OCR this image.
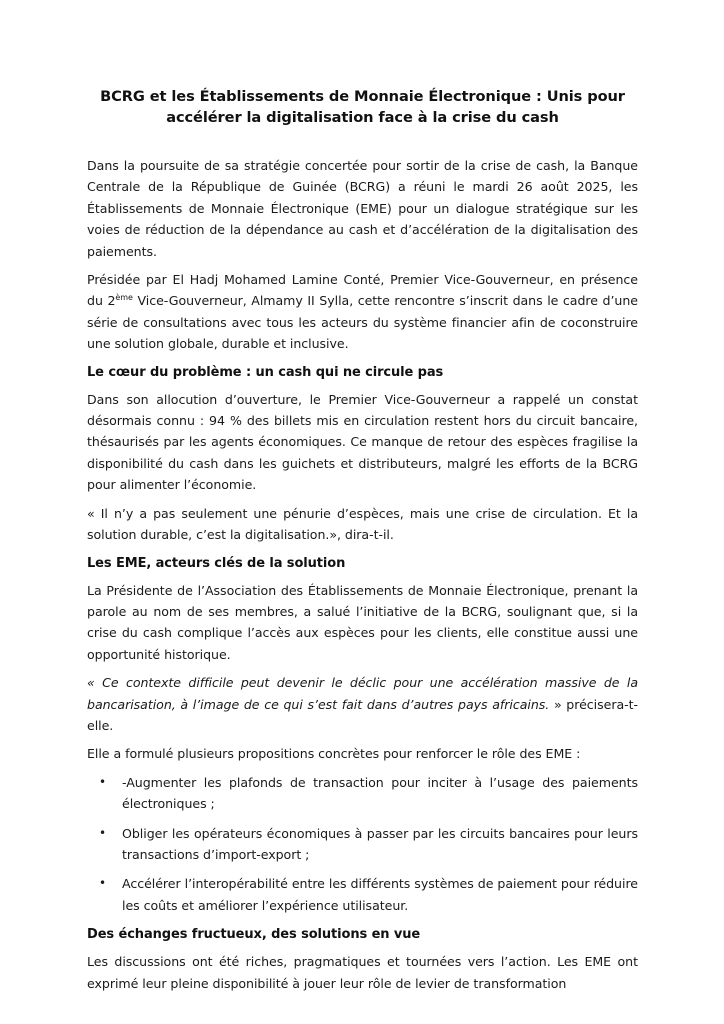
BCRG et les Établissements de Monnaie Électronique : Unis pour accélérer la digitalisation face à la crise du cash

Dans la poursuite de sa stratégie concertée pour sortir de la crise de cash, la Banque Centrale de la République de Guinée (BCRG) a réuni le mardi 26 août 2025, les Établissements de Monnaie Électronique (EME) pour un dialogue stratégique sur les voies de réduction de la dépendance au cash et d’accélération de la digitalisation des paiements.

Présidée par El Hadj Mohamed Lamine Conté, Premier Vice-Gouverneur, en présence du 2ème Vice-Gouverneur, Almamy II Sylla, cette rencontre s’inscrit dans le cadre d’une série de consultations avec tous les acteurs du système financier afin de coconstruire une solution globale, durable et inclusive.

Le cœur du problème : un cash qui ne circule pas

Dans son allocution d’ouverture, le Premier Vice-Gouverneur a rappelé un constat désormais connu : 94 % des billets mis en circulation restent hors du circuit bancaire, thésaurisés par les agents économiques. Ce manque de retour des espèces fragilise la disponibilité du cash dans les guichets et distributeurs, malgré les efforts de la BCRG pour alimenter l’économie.

« Il n’y a pas seulement une pénurie d’espèces, mais une crise de circulation. Et la solution durable, c’est la digitalisation.», dira-t-il.

Les EME, acteurs clés de la solution

La Présidente de l’Association des Établissements de Monnaie Électronique, prenant la parole au nom de ses membres, a salué l’initiative de la BCRG, soulignant que, si la crise du cash complique l’accès aux espèces pour les clients, elle constitue aussi une opportunité historique.

« Ce contexte difficile peut devenir le déclic pour une accélération massive de la bancarisation, à l’image de ce qui s’est fait dans d’autres pays africains. » précisera-t-elle.

Elle a formulé plusieurs propositions concrètes pour renforcer le rôle des EME :

• -Augmenter les plafonds de transaction pour inciter à l’usage des paiements électroniques ;
• Obliger les opérateurs économiques à passer par les circuits bancaires pour leurs transactions d’import-export ;
• Accélérer l’interopérabilité entre les différents systèmes de paiement pour réduire les coûts et améliorer l’expérience utilisateur.
Des échanges fructueux, des solutions en vue

Les discussions ont été riches, pragmatiques et tournées vers l’action. Les EME ont exprimé leur pleine disponibilité à jouer leur rôle de levier de transformation
